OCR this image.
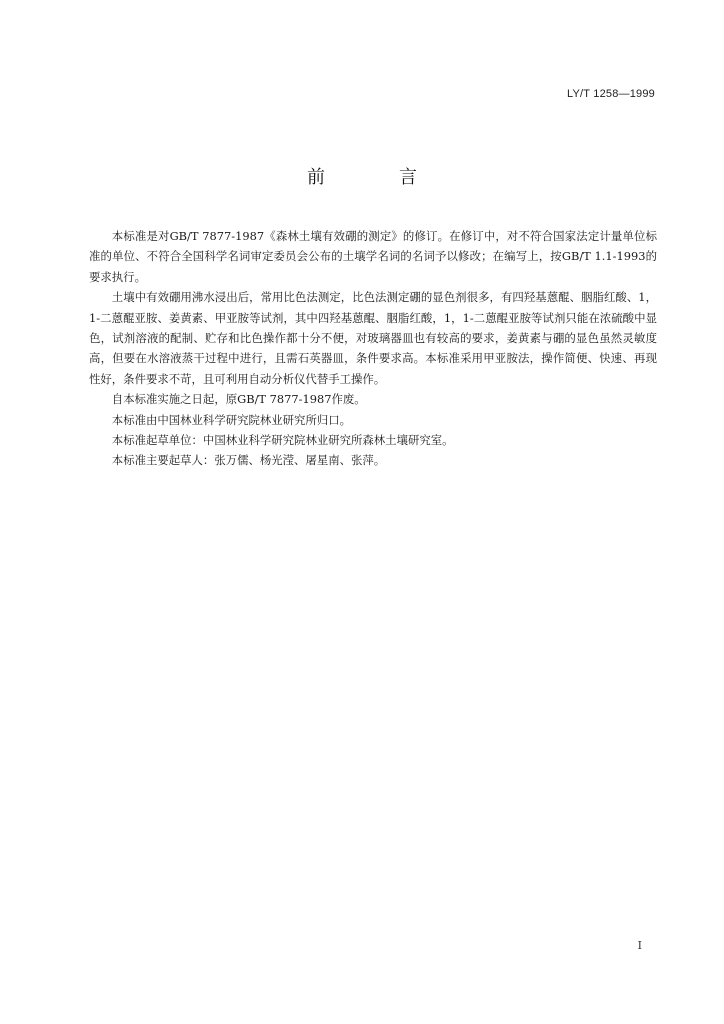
LY/T 1258—1999
前　言

本标准是对GB/T 7877-1987《森林土壤有效硼的测定》的修订。在修订中，对不符合国家法定计量单位标准的单位、不符合全国科学名词审定委员会公布的土壤学名词的名词予以修改；在编写上，按GB/T 1.1-1993的要求执行。

土壤中有效硼用沸水浸出后，常用比色法测定，比色法测定硼的显色剂很多，有四羟基蒽醌、胭脂红酸、1，1-二蒽醌亚胺、姜黄素、甲亚胺等试剂，其中四羟基蒽醌、胭脂红酸，1，1-二蒽醌亚胺等试剂只能在浓硫酸中显色，试剂溶液的配制、贮存和比色操作都十分不便，对玻璃器皿也有较高的要求，姜黄素与硼的显色虽然灵敏度高，但要在水溶液蒸干过程中进行，且需石英器皿，条件要求高。本标准采用甲亚胺法，操作简便、快速、再现性好，条件要求不苛，且可利用自动分析仪代替手工操作。

自本标准实施之日起，原GB/T 7877-1987作废。

本标准由中国林业科学研究院林业研究所归口。

本标准起草单位：中国林业科学研究院林业研究所森林土壤研究室。

本标准主要起草人：张万儒、杨光滢、屠星南、张萍。

I
